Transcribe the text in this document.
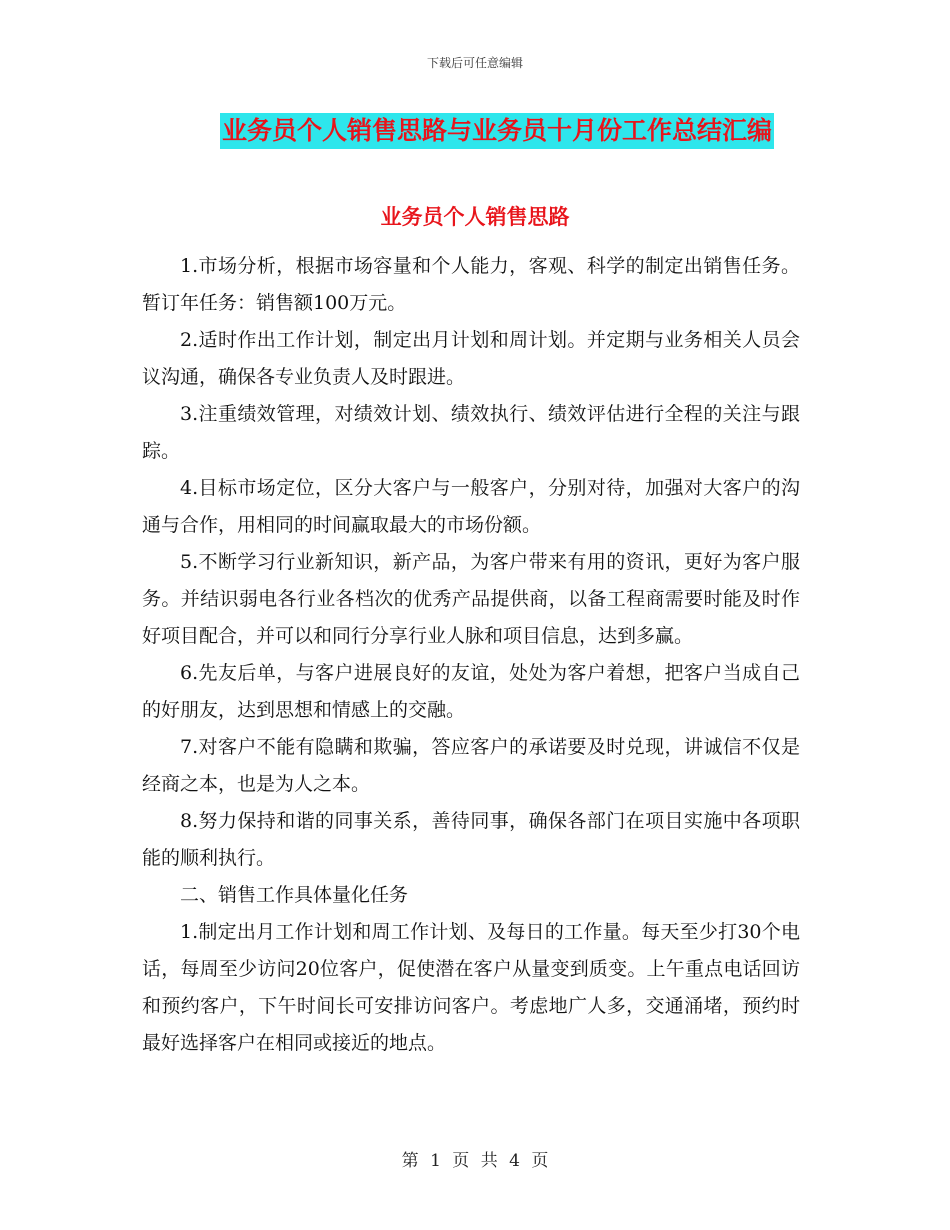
下载后可任意编辑
业务员个人销售思路与业务员十月份工作总结汇编
业务员个人销售思路

1.市场分析，根据市场容量和个人能力，客观、科学的制定出销售任务。暂订年任务：销售额100万元。

2.适时作出工作计划，制定出月计划和周计划。并定期与业务相关人员会议沟通，确保各专业负责人及时跟进。

3.注重绩效管理，对绩效计划、绩效执行、绩效评估进行全程的关注与跟踪。

4.目标市场定位，区分大客户与一般客户，分别对待，加强对大客户的沟通与合作，用相同的时间赢取最大的市场份额。

5.不断学习行业新知识，新产品，为客户带来有用的资讯，更好为客户服务。并结识弱电各行业各档次的优秀产品提供商，以备工程商需要时能及时作好项目配合，并可以和同行分享行业人脉和项目信息，达到多赢。

6.先友后单，与客户进展良好的友谊，处处为客户着想，把客户当成自己的好朋友，达到思想和情感上的交融。

7.对客户不能有隐瞒和欺骗，答应客户的承诺要及时兑现，讲诚信不仅是经商之本，也是为人之本。

8.努力保持和谐的同事关系，善待同事，确保各部门在项目实施中各项职能的顺利执行。

二、销售工作具体量化任务

1.制定出月工作计划和周工作计划、及每日的工作量。每天至少打30个电话，每周至少访问20位客户，促使潜在客户从量变到质变。上午重点电话回访和预约客户，下午时间长可安排访问客户。考虑地广人多，交通涌堵，预约时最好选择客户在相同或接近的地点。

第 1 页 共 4 页
